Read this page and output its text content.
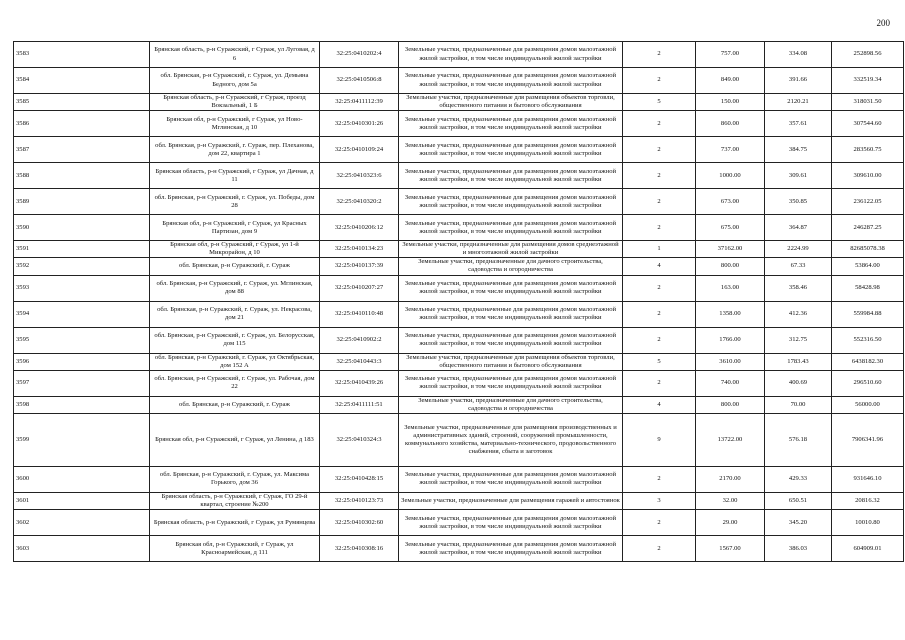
200
3583	Брянская область, р-н Суражский, г Сураж, ул Луговая, д 6	32:25:0410202:4	Земельные участки, предназначенные для размещения домов малоэтажной жилой застройки, в том числе индивидуальной жилой застройки	2	757.00	334.08	252898.56
3584	обл. Брянская, р-н Суражский, г. Сураж, ул. Демьяна Бедного, дом 5а	32:25:0410506:8	Земельные участки, предназначенные для размещения домов малоэтажной жилой застройки, в том числе индивидуальной жилой застройки	2	849.00	391.66	332519.34
3585	Брянская область, р-н Суражский, г Сураж, проезд Вокзальный, 1 Б	32:25:0411112:39	Земельные участки, предназначенные для размещения объектов торговли, общественного питания и бытового обслуживания	5	150.00	2120.21	318031.50
3586	Брянская обл, р-н Суражский, г Сураж, ул Ново-Мглинская, д 10	32:25:0410301:26	Земельные участки, предназначенные для размещения домов малоэтажной жилой застройки, в том числе индивидуальной жилой застройки	2	860.00	357.61	307544.60
3587	обл. Брянская, р-н Суражский, г. Сураж, пер. Плеханова, дом 22, квартира 1	32:25:0410109:24	Земельные участки, предназначенные для размещения домов малоэтажной жилой застройки, в том числе индивидуальной жилой застройки	2	737.00	384.75	283560.75
3588	Брянская область, р-н Суражский, г Сураж, ул Дачная, д 11	32:25:0410323:6	Земельные участки, предназначенные для размещения домов малоэтажной жилой застройки, в том числе индивидуальной жилой застройки	2	1000.00	309.61	309610.00
3589	обл. Брянская, р-н Суражский, г. Сураж, ул. Победы, дом 28	32:25:0410320:2	Земельные участки, предназначенные для размещения домов малоэтажной жилой застройки, в том числе индивидуальной жилой застройки	2	673.00	350.85	236122.05
3590	Брянская обл, р-н Суражский, г Сураж, ул Красных Партизан, дом 9	32:25:0410206:12	Земельные участки, предназначенные для размещения домов малоэтажной жилой застройки, в том числе индивидуальной жилой застройки	2	675.00	364.87	246287.25
3591	Брянская обл, р-н Суражский, г Сураж, ул 1-й Микрорайон, д 10	32:25:0410134:23	Земельные участки, предназначенные для размещения домов среднеэтажной и многоэтажной жилой застройки	1	37162.00	2224.99	82685078.38
3592	обл. Брянская, р-н Суражский, г. Сураж	32:25:0410137:39	Земельные участки, предназначенные для дачного строительства, садоводства и огородничества	4	800.00	67.33	53864.00
3593	обл. Брянская, р-н Суражский, г. Сураж, ул. Мглинская, дом 88	32:25:0410207:27	Земельные участки, предназначенные для размещения домов малоэтажной жилой застройки, в том числе индивидуальной жилой застройки	2	163.00	358.46	58428.98
3594	обл. Брянская, р-н Суражский, г. Сураж, ул. Некрасова, дом 21	32:25:0410110:48	Земельные участки, предназначенные для размещения домов малоэтажной жилой застройки, в том числе индивидуальной жилой застройки	2	1358.00	412.36	559984.88
3595	обл. Брянская, р-н Суражский, г. Сураж, ул. Белорусская, дом 115	32:25:0410902:2	Земельные участки, предназначенные для размещения домов малоэтажной жилой застройки, в том числе индивидуальной жилой застройки	2	1766.00	312.75	552316.50
3596	обл. Брянская, р-н Суражский, г. Сураж, ул Октябрьская, дом 152 А	32:25:0410443:3	Земельные участки, предназначенные для размещения объектов торговли, общественного питания и бытового обслуживания	5	3610.00	1783.43	6438182.30
3597	обл. Брянская, р-н Суражский, г. Сураж, ул. Рабочая, дом 22	32:25:0410439:26	Земельные участки, предназначенные для размещения домов малоэтажной жилой застройки, в том числе индивидуальной жилой застройки	2	740.00	400.69	296510.60
3598	обл. Брянская, р-н Суражский, г. Сураж	32:25:0411111:51	Земельные участки, предназначенные для дачного строительства, садоводства и огородничества	4	800.00	70.00	56000.00
3599	Брянская обл, р-н Суражский, г Сураж, ул Ленина, д 183	32:25:0410324:3	Земельные участки, предназначенные для размещения производственных и административных зданий, строений, сооружений промышленности, коммунального хозяйства, материально-технического, продовольственного снабжения, сбыта и заготовок	9	13722.00	576.18	7906341.96
3600	обл. Брянская, р-н Суражский, г. Сураж, ул. Максима Горького, дом 36	32:25:0410428:15	Земельные участки, предназначенные для размещения домов малоэтажной жилой застройки, в том числе индивидуальной жилой застройки	2	2170.00	429.33	931646.10
3601	Брянская область, р-н Суражский, г Сураж, ГО 29-й квартал, строение №200	32:25:0410123:73	Земельные участки, предназначенные для размещения гаражей и автостоянок	3	32.00	650.51	20816.32
3602	Брянская область, р-н Суражский, г Сураж, ул Румянцева	32:25:0410302:60	Земельные участки, предназначенные для размещения домов малоэтажной жилой застройки, в том числе индивидуальной жилой застройки	2	29.00	345.20	10010.80
3603	Брянская обл, р-н Суражский, г Сураж, ул Красноармейская, д 111	32:25:0410308:16	Земельные участки, предназначенные для размещения домов малоэтажной жилой застройки, в том числе индивидуальной жилой застройки	2	1567.00	386.03	604909.01
